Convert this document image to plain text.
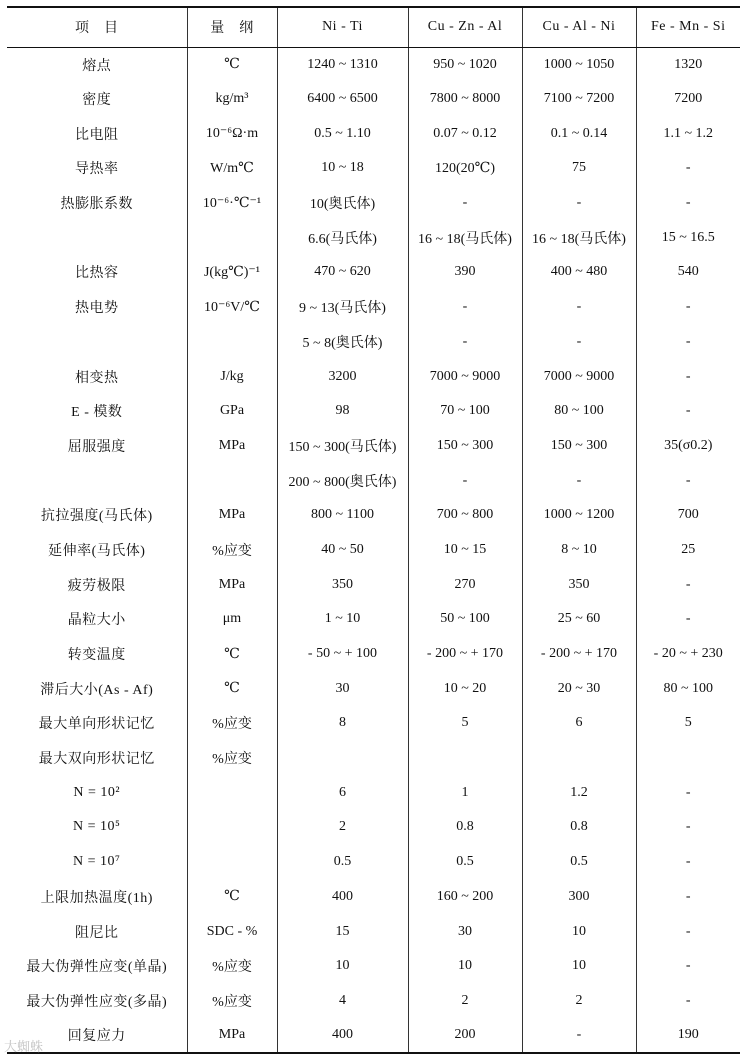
项　目	量　纲	Ni - Ti	Cu - Zn - Al	Cu - Al - Ni	Fe - Mn - Si
熔点	℃	1240 ~ 1310	950 ~ 1020	1000 ~ 1050	1320
密度	kg/m³	6400 ~ 6500	7800 ~ 8000	7100 ~ 7200	7200
比电阻	10⁻⁶Ω·m	0.5 ~ 1.10	0.07 ~ 0.12	0.1 ~ 0.14	1.1 ~ 1.2
导热率	W/m℃	10 ~ 18	120(20℃)	75	-
热膨胀系数	10⁻⁶·℃⁻¹	10(奥氏体)	-	-	-
		6.6(马氏体)	16 ~ 18(马氏体)	16 ~ 18(马氏体)	15 ~ 16.5
比热容	J(kg℃)⁻¹	470 ~ 620	390	400 ~ 480	540
热电势	10⁻⁶V/℃	9 ~ 13(马氏体)	-	-	-
		5 ~ 8(奥氏体)	-	-	-
相变热	J/kg	3200	7000 ~ 9000	7000 ~ 9000	-
E - 模数	GPa	98	70 ~ 100	80 ~ 100	-
屈服强度	MPa	150 ~ 300(马氏体)	150 ~ 300	150 ~ 300	35(σ0.2)
		200 ~ 800(奥氏体)	-	-	-
抗拉强度(马氏体)	MPa	800 ~ 1100	700 ~ 800	1000 ~ 1200	700
延伸率(马氏体)	%应变	40 ~ 50	10 ~ 15	8 ~ 10	25
疲劳极限	MPa	350	270	350	-
晶粒大小	μm	1 ~ 10	50 ~ 100	25 ~ 60	-
转变温度	℃	- 50 ~ + 100	- 200 ~ + 170	- 200 ~ + 170	- 20 ~ + 230
滞后大小(As - Af)	℃	30	10 ~ 20	20 ~ 30	80 ~ 100
最大单向形状记忆	%应变	8	5	6	5
最大双向形状记忆	%应变				
N = 10²		6	1	1.2	-
N = 10⁵		2	0.8	0.8	-
N = 10⁷		0.5	0.5	0.5	-
上限加热温度(1h)	℃	400	160 ~ 200	300	-
阻尼比	SDC - %	15	30	10	-
最大伪弹性应变(单晶)	%应变	10	10	10	-
最大伪弹性应变(多晶)	%应变	4	2	2	-
回复应力	MPa	400	200	-	190
大蜘蛛
